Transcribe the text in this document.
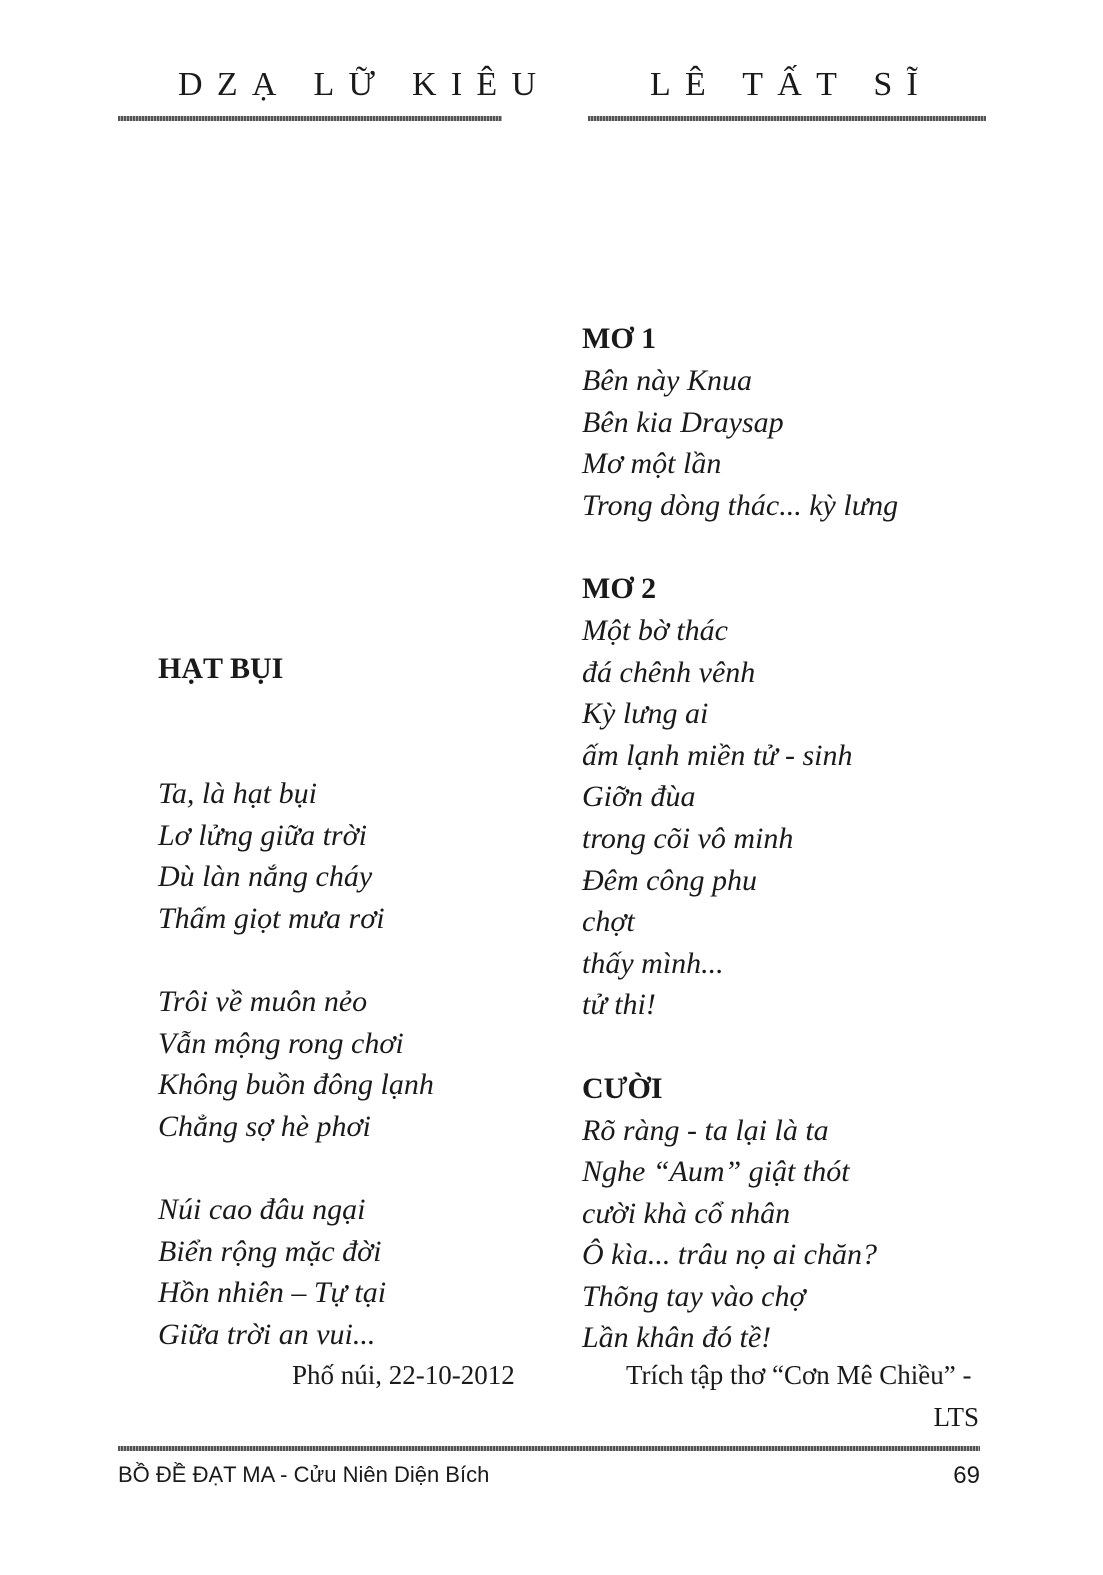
DZẠ LỮ KIÊU	LÊ TẤT SĨ
HẠT BỤI
Ta, là hạt bụi
Lơ lửng giữa trời
Dù làn nắng cháy
Thấm giọt mưa rơi
Trôi về muôn nẻo
Vẫn mộng rong chơi
Không buồn đông lạnh
Chẳng sợ hè phơi
Núi cao đâu ngại
Biển rộng mặc đời
Hồn nhiên – Tự tại
Giữa trời an vui...
Phố núi, 22-10-2012
MƠ 1
Bên này Knua
Bên kia Draysap
Mơ một lần
Trong dòng thác... kỳ lưng
MƠ 2
Một bờ thác
đá chênh vênh
Kỳ lưng ai
ấm lạnh miền tử - sinh
Giỡn đùa
trong cõi vô minh
Đêm công phu
chợt
thấy mình...
tử thi!
CƯỜI
Rõ ràng - ta lại là ta
Nghe “Aum” giật thót
cười khà cổ nhân
Ô kìa... trâu nọ ai chăn?
Thõng tay vào chợ
Lần khân đó tề!
Trích tập thơ “Cơn Mê Chiều” -
LTS
BỒ ĐỀ ĐẠT MA - Cửu Niên Diện Bích	69
